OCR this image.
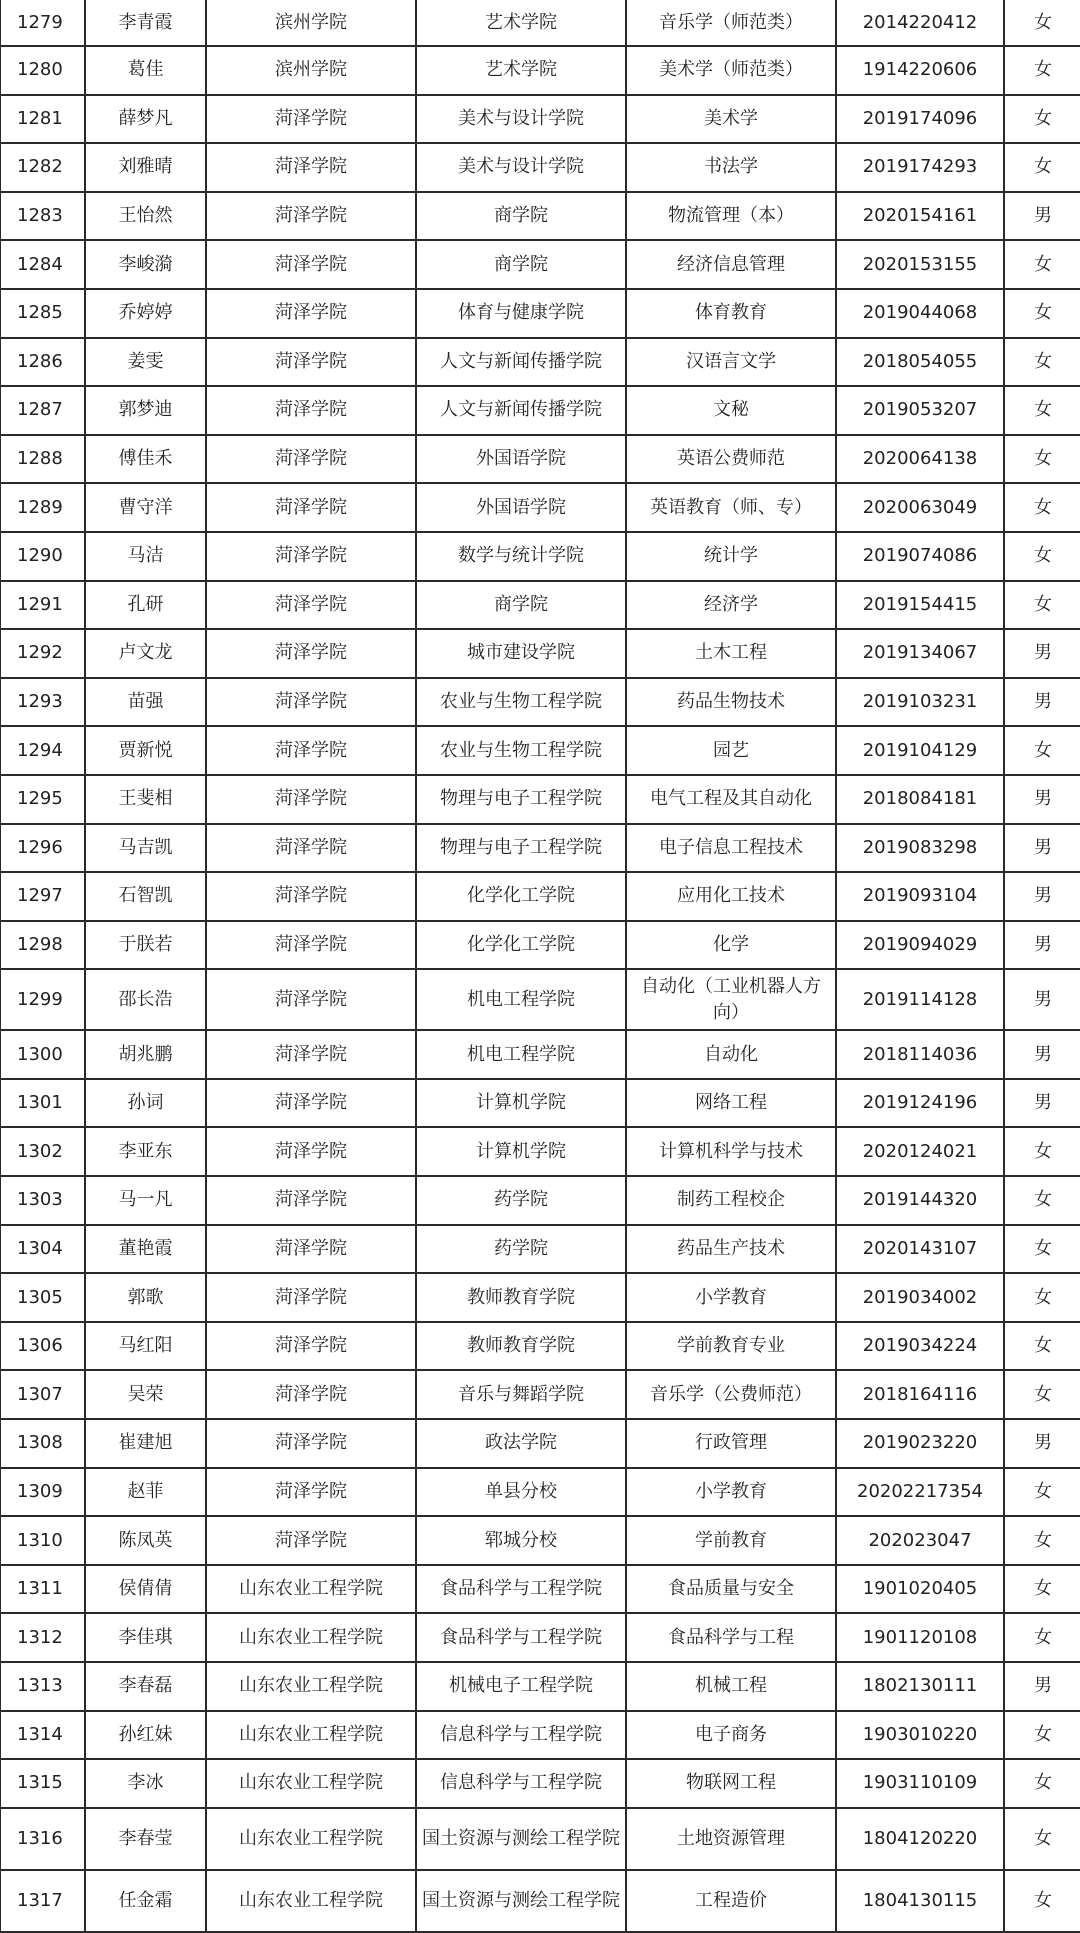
1279	李青霞	滨州学院	艺术学院	音乐学（师范类）	2014220412	女
1280	葛佳	滨州学院	艺术学院	美术学（师范类）	1914220606	女
1281	薛梦凡	菏泽学院	美术与设计学院	美术学	2019174096	女
1282	刘雅晴	菏泽学院	美术与设计学院	书法学	2019174293	女
1283	王怡然	菏泽学院	商学院	物流管理（本）	2020154161	男
1284	李峻漪	菏泽学院	商学院	经济信息管理	2020153155	女
1285	乔婷婷	菏泽学院	体育与健康学院	体育教育	2019044068	女
1286	姜雯	菏泽学院	人文与新闻传播学院	汉语言文学	2018054055	女
1287	郭梦迪	菏泽学院	人文与新闻传播学院	文秘	2019053207	女
1288	傅佳禾	菏泽学院	外国语学院	英语公费师范	2020064138	女
1289	曹守洋	菏泽学院	外国语学院	英语教育（师、专）	2020063049	女
1290	马洁	菏泽学院	数学与统计学院	统计学	2019074086	女
1291	孔研	菏泽学院	商学院	经济学	2019154415	女
1292	卢文龙	菏泽学院	城市建设学院	土木工程	2019134067	男
1293	苗强	菏泽学院	农业与生物工程学院	药品生物技术	2019103231	男
1294	贾新悦	菏泽学院	农业与生物工程学院	园艺	2019104129	女
1295	王斐相	菏泽学院	物理与电子工程学院	电气工程及其自动化	2018084181	男
1296	马吉凯	菏泽学院	物理与电子工程学院	电子信息工程技术	2019083298	男
1297	石智凯	菏泽学院	化学化工学院	应用化工技术	2019093104	男
1298	于朕若	菏泽学院	化学化工学院	化学	2019094029	男
1299	邵长浩	菏泽学院	机电工程学院	自动化（工业机器人方向）	2019114128	男
1300	胡兆鹏	菏泽学院	机电工程学院	自动化	2018114036	男
1301	孙词	菏泽学院	计算机学院	网络工程	2019124196	男
1302	李亚东	菏泽学院	计算机学院	计算机科学与技术	2020124021	女
1303	马一凡	菏泽学院	药学院	制药工程校企	2019144320	女
1304	董艳霞	菏泽学院	药学院	药品生产技术	2020143107	女
1305	郭歌	菏泽学院	教师教育学院	小学教育	2019034002	女
1306	马红阳	菏泽学院	教师教育学院	学前教育专业	2019034224	女
1307	吴荣	菏泽学院	音乐与舞蹈学院	音乐学（公费师范）	2018164116	女
1308	崔建旭	菏泽学院	政法学院	行政管理	2019023220	男
1309	赵菲	菏泽学院	单县分校	小学教育	20202217354	女
1310	陈凤英	菏泽学院	郓城分校	学前教育	202023047	女
1311	侯倩倩	山东农业工程学院	食品科学与工程学院	食品质量与安全	1901020405	女
1312	李佳琪	山东农业工程学院	食品科学与工程学院	食品科学与工程	1901120108	女
1313	李春磊	山东农业工程学院	机械电子工程学院	机械工程	1802130111	男
1314	孙红妹	山东农业工程学院	信息科学与工程学院	电子商务	1903010220	女
1315	李冰	山东农业工程学院	信息科学与工程学院	物联网工程	1903110109	女
1316	李春莹	山东农业工程学院	国土资源与测绘工程学院	土地资源管理	1804120220	女
1317	任金霜	山东农业工程学院	国土资源与测绘工程学院	工程造价	1804130115	女
